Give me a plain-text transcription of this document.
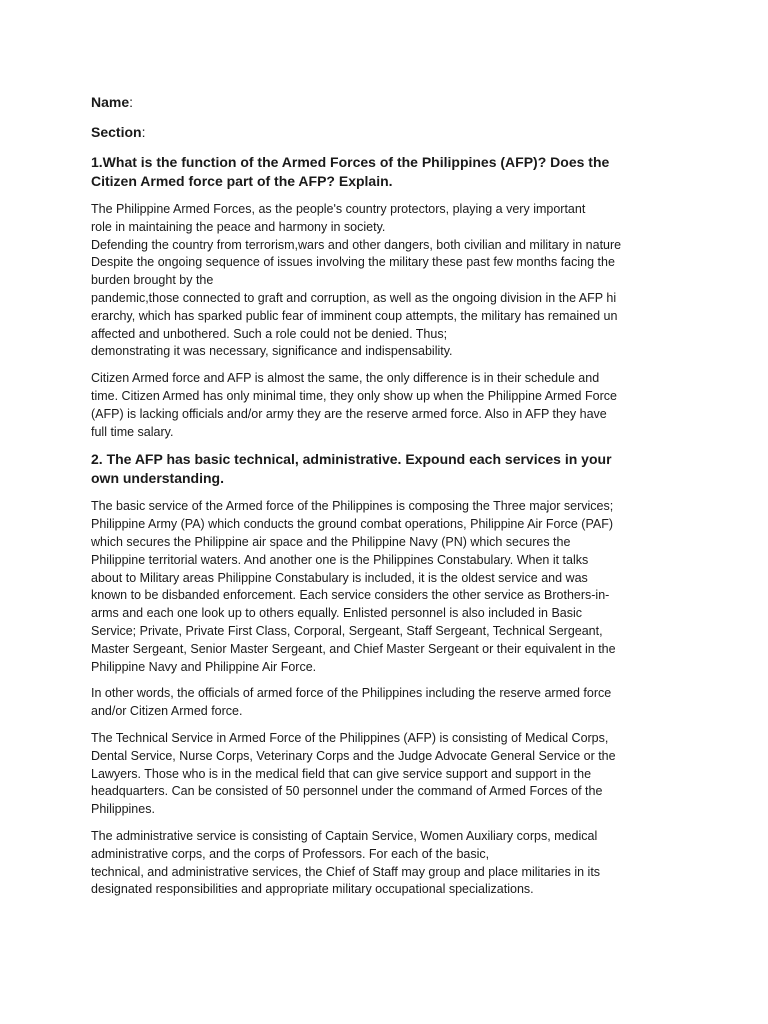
Name:
Section:
1.What is the function of the Armed Forces of the Philippines (AFP)? Does the
Citizen Armed force part of the AFP? Explain.
The Philippine Armed Forces, as the people's country protectors, playing a very important
role in maintaining the peace and harmony in society.
Defending the country from terrorism,wars and other dangers, both civilian and military in nature
Despite the ongoing sequence of issues involving the military these past few months facing the
burden brought by the
pandemic,those connected to graft and corruption, as well as the ongoing division in the AFP hi
erarchy, which has sparked public fear of imminent coup attempts, the military has remained un
affected and unbothered. Such a role could not be denied. Thus;
demonstrating it was necessary, significance and indispensability.
Citizen Armed force and AFP is almost the same, the only difference is in their schedule and
time. Citizen Armed has only minimal time, they only show up when the Philippine Armed Force
(AFP) is lacking officials and/or army they are the reserve armed force. Also in AFP they have
full time salary.
2. The AFP has basic technical, administrative. Expound each services in your
own understanding.
The basic service of the Armed force of the Philippines is composing the Three major services;
Philippine Army (PA) which conducts the ground combat operations, Philippine Air Force (PAF)
which secures the Philippine air space and the Philippine Navy (PN) which secures the
Philippine territorial waters. And another one is the Philippines Constabulary. When it talks
about to Military areas Philippine Constabulary is included, it is the oldest service and was
known to be disbanded enforcement. Each service considers the other service as Brothers-in-
arms and each one look up to others equally. Enlisted personnel is also included in Basic
Service; Private, Private First Class, Corporal, Sergeant, Staff Sergeant, Technical Sergeant,
Master Sergeant, Senior Master Sergeant, and Chief Master Sergeant or their equivalent in the
Philippine Navy and Philippine Air Force.
In other words, the officials of armed force of the Philippines including the reserve armed force
and/or Citizen Armed force.
The Technical Service in Armed Force of the Philippines (AFP) is consisting of Medical Corps,
Dental Service, Nurse Corps, Veterinary Corps and the Judge Advocate General Service or the
Lawyers. Those who is in the medical field that can give service support and support in the
headquarters. Can be consisted of 50 personnel under the command of Armed Forces of the
Philippines.
The administrative service is consisting of Captain Service, Women Auxiliary corps, medical
administrative corps, and the corps of Professors. For each of the basic,
technical, and administrative services, the Chief of Staff may group and place militaries in its
designated responsibilities and appropriate military occupational specializations.
